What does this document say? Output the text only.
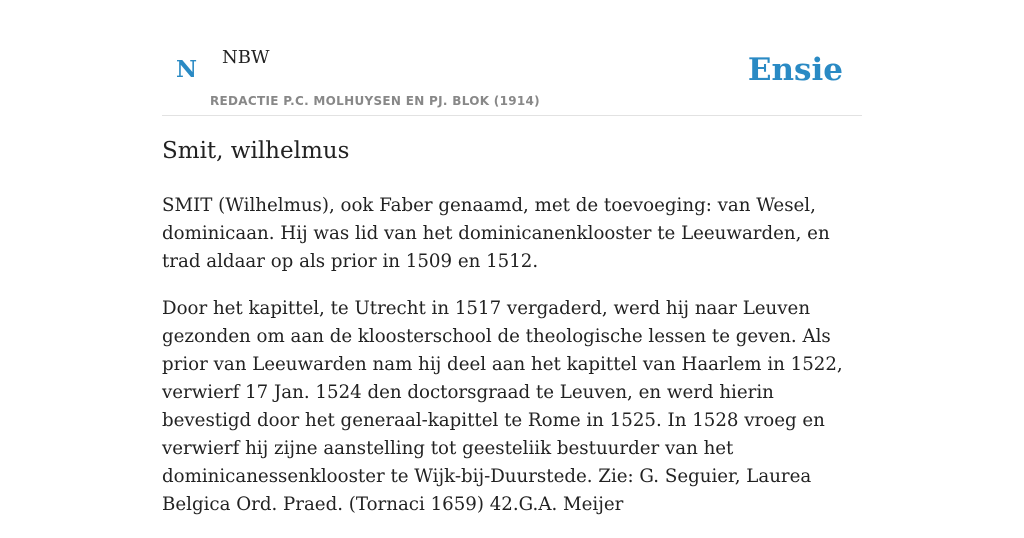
N NBW
REDACTIE P.C. MOLHUYSEN EN PJ. BLOK (1914)
Ensie
Smit, wilhelmus

SMIT (Wilhelmus), ook Faber genaamd, met de toevoeging: van Wesel, dominicaan. Hij was lid van het dominicanenklooster te Leeuwarden, en trad aldaar op als prior in 1509 en 1512.

Door het kapittel, te Utrecht in 1517 vergaderd, werd hij naar Leuven gezonden om aan de kloosterschool de theologische lessen te geven. Als prior van Leeuwarden nam hij deel aan het kapittel van Haarlem in 1522, verwierf 17 Jan. 1524 den doctorsgraad te Leuven, en werd hierin bevestigd door het generaal-kapittel te Rome in 1525. In 1528 vroeg en verwierf hij zijne aanstelling tot geesteliik bestuurder van het dominicanessenklooster te Wijk-bij-Duurstede. Zie: G. Seguier, Laurea Belgica Ord. Praed. (Tornaci 1659) 42.G.A. Meijer
